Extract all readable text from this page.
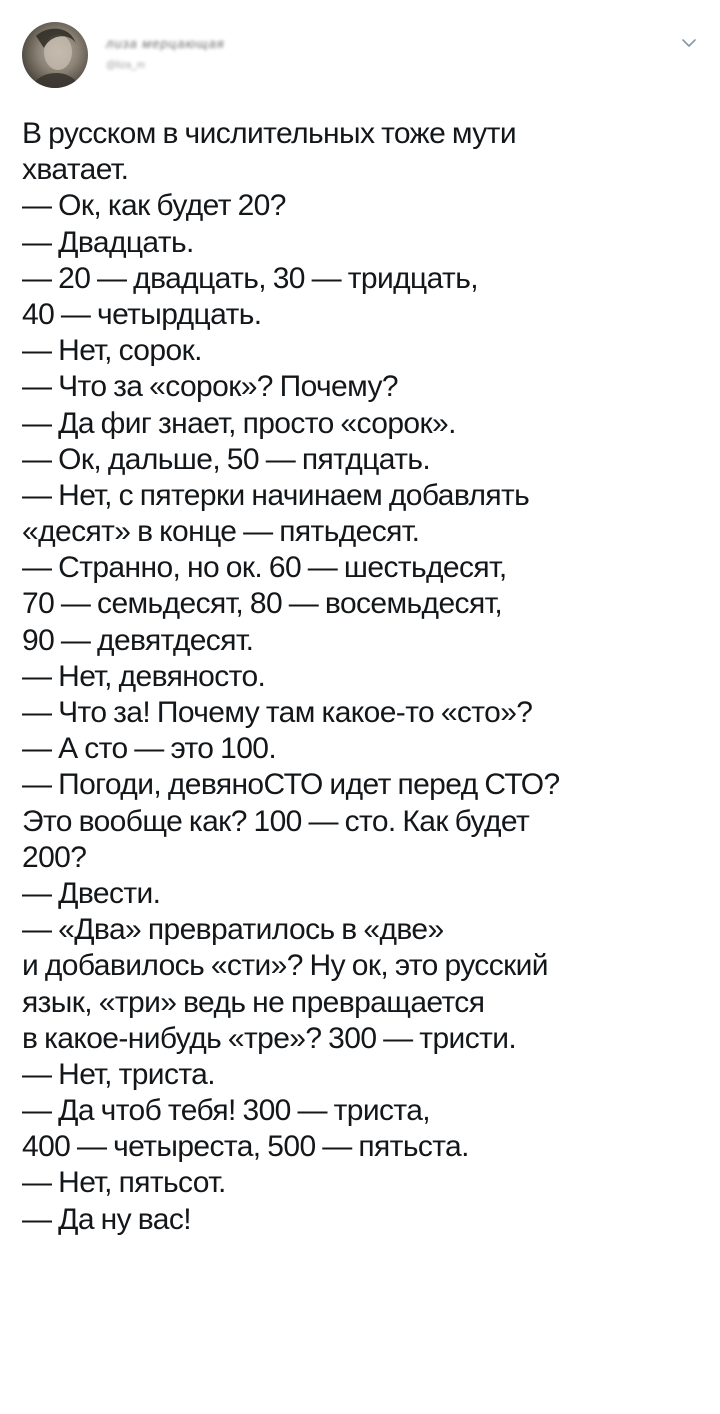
лиза мерцающая
@liza_m
В русском в числительных тоже мути
хватает.
— Ок, как будет 20?
— Двадцать.
— 20 — двадцать, 30 — тридцать,
40 — четырдцать.
— Нет, сорок.
— Что за «сорок»? Почему?
— Да фиг знает, просто «сорок».
— Ок, дальше, 50 — пятдцать.
— Нет, с пятерки начинаем добавлять
«десят» в конце — пятьдесят.
— Странно, но ок. 60 — шестьдесят,
70 — семьдесят, 80 — восемьдесят,
90 — девятдесят.
— Нет, девяносто.
— Что за! Почему там какое-то «сто»?
— А сто — это 100.
— Погоди, девяноСТО идет перед СТО?
Это вообще как? 100 — сто. Как будет
200?
— Двести.
— «Два» превратилось в «две»
и добавилось «сти»? Ну ок, это русский
язык, «три» ведь не превращается
в какое-нибудь «тре»? 300 — тристи.
— Нет, триста.
— Да чтоб тебя! 300 — триста,
400 — четыреста, 500 — пятьста.
— Нет, пятьсот.
— Да ну вас!
